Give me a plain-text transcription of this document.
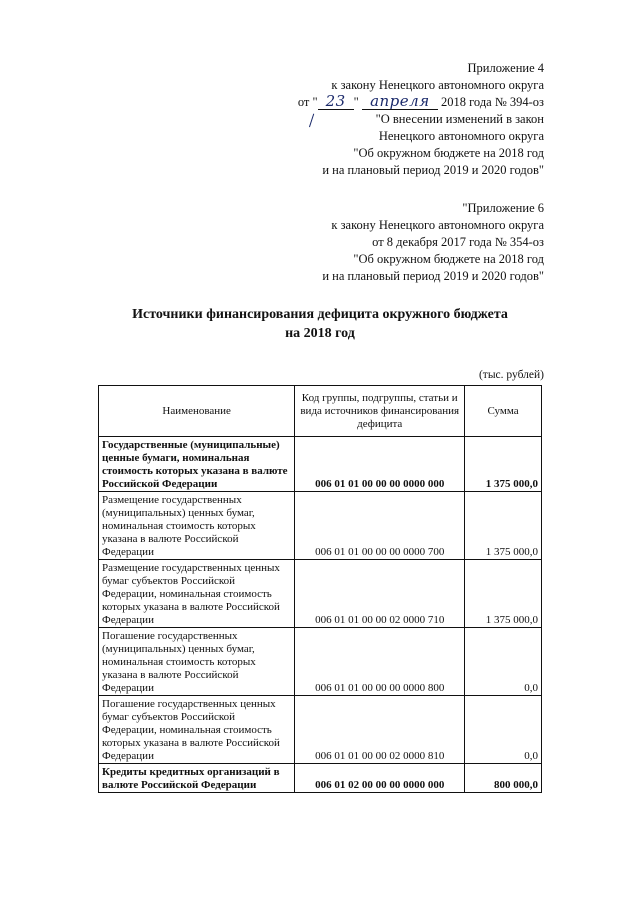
Приложение 4
к закону Ненецкого автономного округа
от " 23 " апреля 2018 года № 394-оз
"О внесении изменений в закон
Ненецкого автономного округа
"Об окружном бюджете на 2018 год
и на плановый период 2019 и 2020 годов"
"Приложение 6
к закону Ненецкого автономного округа
от 8 декабря 2017 года № 354-оз
"Об окружном бюджете на 2018 год
и на плановый период 2019 и 2020 годов"
Источники финансирования дефицита окружного бюджета
на 2018 год
(тыс. рублей)
Наименование	Код группы, подгруппы, статьи и вида источников финансирования дефицита	Сумма
Государственные (муниципальные) ценные бумаги, номинальная стоимость которых указана в валюте Российской Федерации	006 01 01 00 00 00 0000 000	1 375 000,0
Размещение государственных (муниципальных) ценных бумаг, номинальная стоимость которых указана в валюте Российской Федерации	006 01 01 00 00 00 0000 700	1 375 000,0
Размещение государственных ценных бумаг субъектов Российской Федерации, номинальная стоимость которых указана в валюте Российской Федерации	006 01 01 00 00 02 0000 710	1 375 000,0
Погашение государственных (муниципальных) ценных бумаг, номинальная стоимость которых указана в валюте Российской Федерации	006 01 01 00 00 00 0000 800	0,0
Погашение государственных ценных бумаг субъектов Российской Федерации, номинальная стоимость которых указана в валюте Российской Федерации	006 01 01 00 00 02 0000 810	0,0
Кредиты кредитных организаций в валюте Российской Федерации	006 01 02 00 00 00 0000 000	800 000,0
